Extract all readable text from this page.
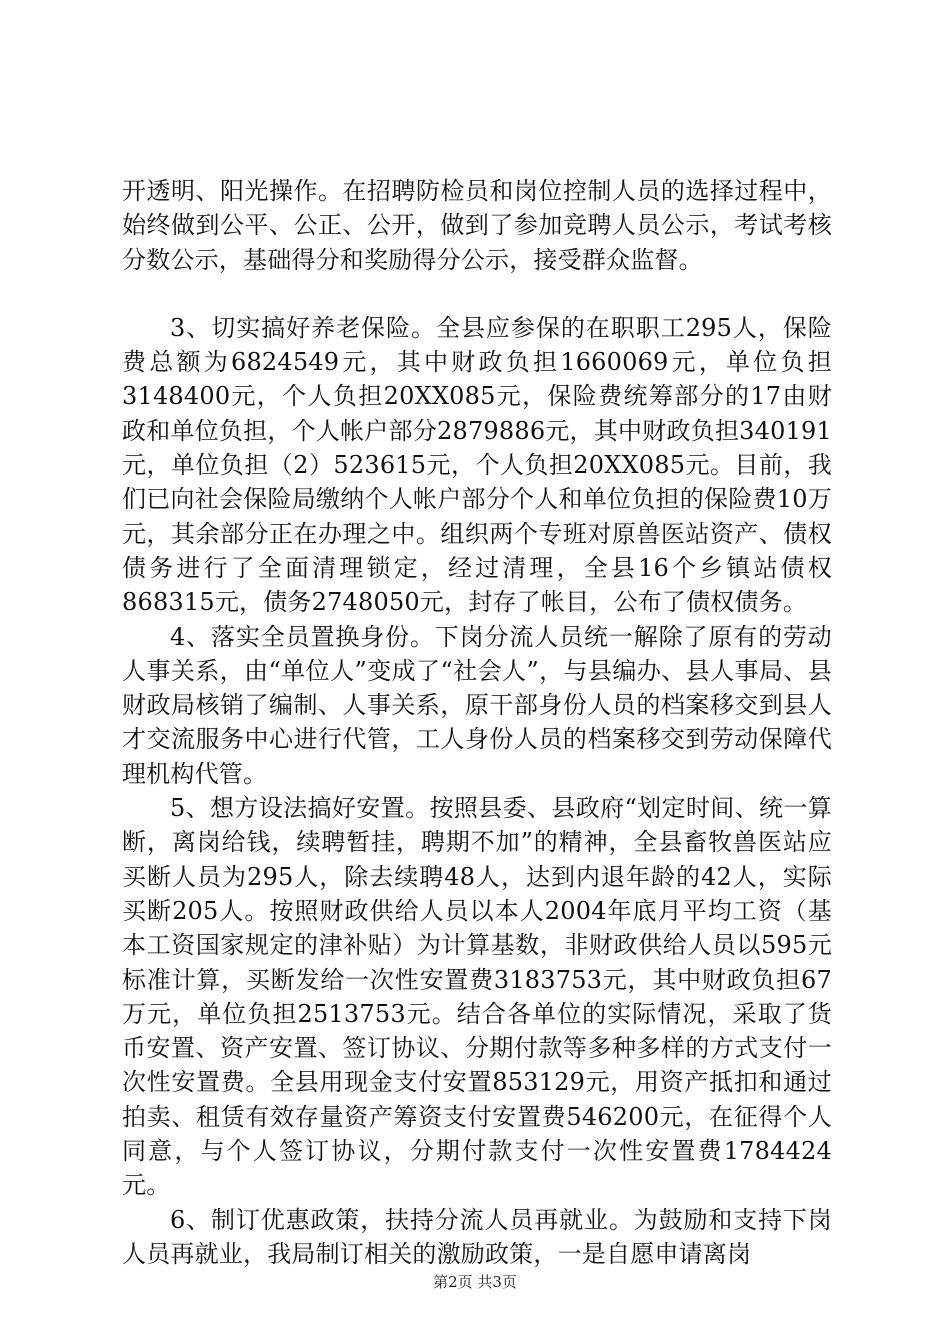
开透明、阳光操作。在招聘防检员和岗位控制人员的选择过程中，始终做到公平、公正、公开，做到了参加竞聘人员公示，考试考核分数公示，基础得分和奖励得分公示，接受群众监督。

3、切实搞好养老保险。全县应参保的在职职工295人，保险费总额为6824549元，其中财政负担1660069元，单位负担3148400元，个人负担20XX085元，保险费统筹部分的17由财政和单位负担，个人帐户部分2879886元，其中财政负担340191元，单位负担（2）523615元，个人负担20XX085元。目前，我们已向社会保险局缴纳个人帐户部分个人和单位负担的保险费10万元，其余部分正在办理之中。组织两个专班对原兽医站资产、债权债务进行了全面清理锁定，经过清理，全县16个乡镇站债权868315元，债务2748050元，封存了帐目，公布了债权债务。

4、落实全员置换身份。下岗分流人员统一解除了原有的劳动人事关系，由“单位人”变成了“社会人”，与县编办、县人事局、县财政局核销了编制、人事关系，原干部身份人员的档案移交到县人才交流服务中心进行代管，工人身份人员的档案移交到劳动保障代理机构代管。

5、想方设法搞好安置。按照县委、县政府“划定时间、统一算断，离岗给钱，续聘暂挂，聘期不加”的精神，全县畜牧兽医站应买断人员为295人，除去续聘48人，达到内退年龄的42人，实际买断205人。按照财政供给人员以本人2004年底月平均工资（基本工资国家规定的津补贴）为计算基数，非财政供给人员以595元标准计算，买断发给一次性安置费3183753元，其中财政负担67万元，单位负担2513753元。结合各单位的实际情况，采取了货币安置、资产安置、签订协议、分期付款等多种多样的方式支付一次性安置费。全县用现金支付安置853129元，用资产抵扣和通过拍卖、租赁有效存量资产筹资支付安置费546200元，在征得个人同意，与个人签订协议，分期付款支付一次性安置费1784424元。

6、制订优惠政策，扶持分流人员再就业。为鼓励和支持下岗人员再就业，我局制订相关的激励政策，一是自愿申请离岗

第2页 共3页
